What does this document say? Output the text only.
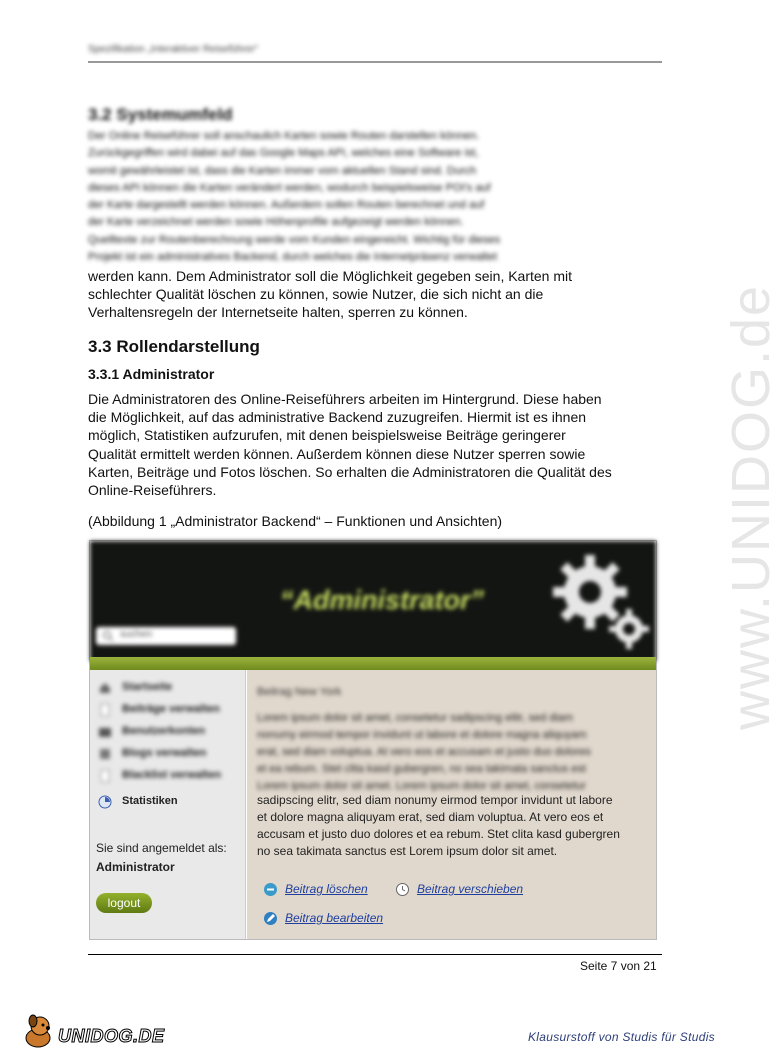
Spezifikation „Interaktiver Reiseführer“
www.UNIDOG.de
3.2 Systemumfeld
Der Online Reiseführer soll anschaulich Karten sowie Routen darstellen können.
Zurückgegriffen wird dabei auf das Google Maps API, welches eine Software ist,
womit gewährleistet ist, dass die Karten immer vom aktuellen Stand sind. Durch
dieses API können die Karten verändert werden, wodurch beispielsweise POI's auf
der Karte dargestellt werden können. Außerdem sollen Routen berechnet und auf
der Karte verzeichnet werden sowie Höhenprofile aufgezeigt werden können.
Quelltexte zur Routenberechnung werde vom Kunden eingereicht. Wichtig für dieses
Projekt ist ein administratives Backend, durch welches die Internetpräsenz verwaltet
werden kann. Dem Administrator soll die Möglichkeit gegeben sein, Karten mit
schlechter Qualität löschen zu können, sowie Nutzer, die sich nicht an die
Verhaltensregeln der Internetseite halten, sperren zu können.
3.3 Rollendarstellung
3.3.1 Administrator
Die Administratoren des Online-Reiseführers arbeiten im Hintergrund. Diese haben
die Möglichkeit, auf das administrative Backend zuzugreifen. Hiermit ist es ihnen
möglich, Statistiken aufzurufen, mit denen beispielsweise Beiträge geringerer
Qualität ermittelt werden können. Außerdem können diese Nutzer sperren sowie
Karten, Beiträge und Fotos löschen. So erhalten die Administratoren die Qualität des
Online-Reiseführers.
(Abbildung 1 „Administrator Backend“ – Funktionen und Ansichten)
“Administrator”
suchen
Startseite
Beiträge verwalten
Benutzerkonten
Blogs verwalten
Blacklist verwalten
Statistiken
Sie sind angemeldet als:
Administrator
logout
Beitrag New York
Lorem ipsum dolor sit amet, consetetur sadipscing elitr, sed diam
nonumy eirmod tempor invidunt ut labore et dolore magna aliquyam
erat, sed diam voluptua. At vero eos et accusam et justo duo dolores
et ea rebum. Stet clita kasd gubergren, no sea takimata sanctus est
Lorem ipsum dolor sit amet. Lorem ipsum dolor sit amet, consetetur
sadipscing elitr, sed diam nonumy eirmod tempor invidunt ut labore
et dolore magna aliquyam erat, sed diam voluptua. At vero eos et
accusam et justo duo dolores et ea rebum. Stet clita kasd gubergren
no sea takimata sanctus est Lorem ipsum dolor sit amet.
Beitrag löschen	Beitrag verschieben
Beitrag bearbeiten
Seite 7 von 21
UNIDOG.DE	Klausurstoff von Studis für Studis
